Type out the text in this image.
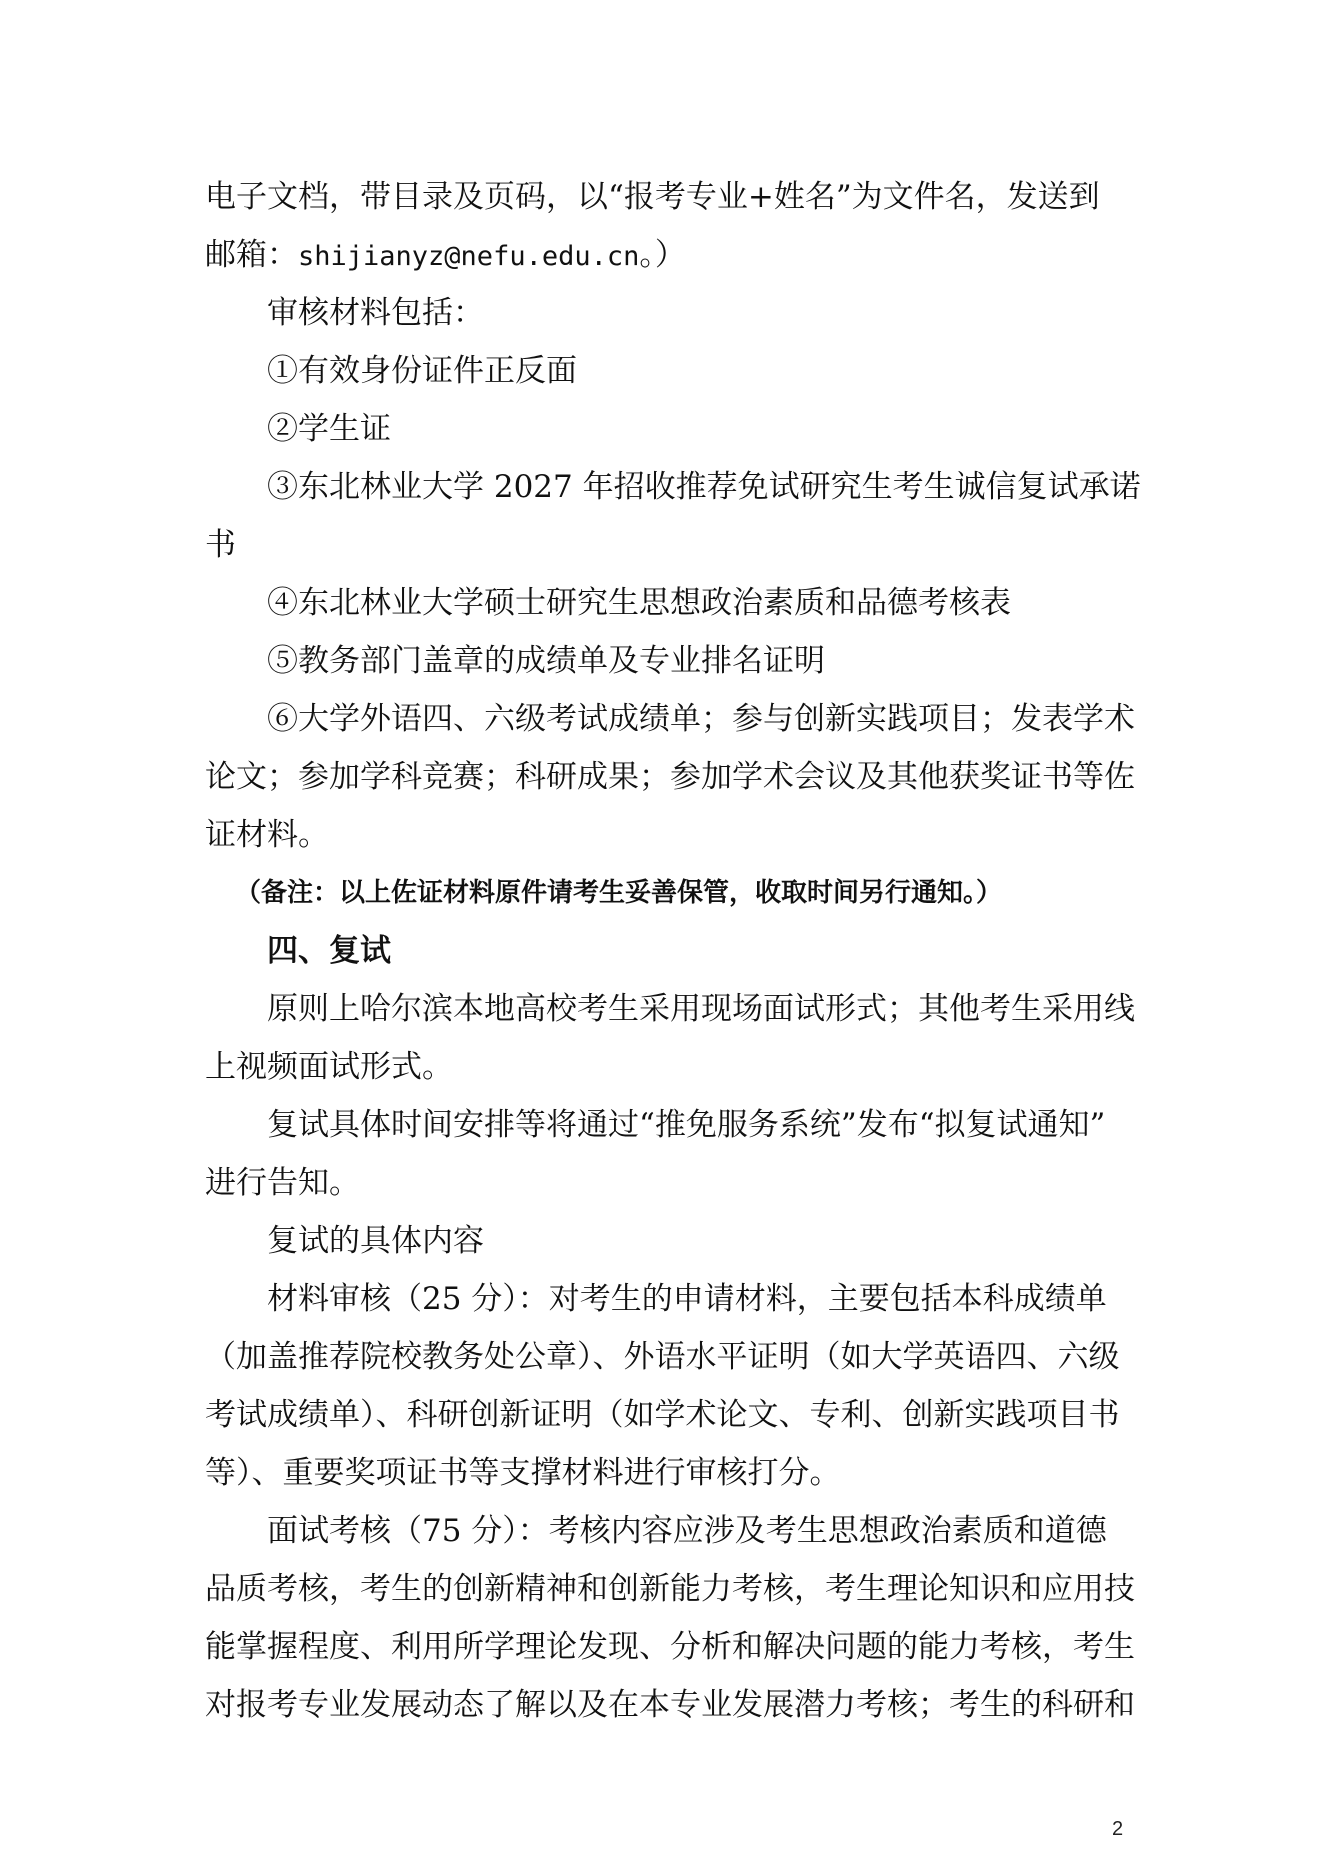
电子文档，带目录及页码，以“报考专业+姓名”为文件名，发送到

邮箱：shijianyz@nefu.edu.cn。）

审核材料包括：

①有效身份证件正反面

②学生证

③东北林业大学 2027 年招收推荐免试研究生考生诚信复试承诺

书

④东北林业大学硕士研究生思想政治素质和品德考核表

⑤教务部门盖章的成绩单及专业排名证明

⑥大学外语四、六级考试成绩单；参与创新实践项目；发表学术

论文；参加学科竞赛；科研成果；参加学术会议及其他获奖证书等佐

证材料。

（备注：以上佐证材料原件请考生妥善保管，收取时间另行通知。）

四、复试

原则上哈尔滨本地高校考生采用现场面试形式；其他考生采用线

上视频面试形式。

复试具体时间安排等将通过“推免服务系统”发布“拟复试通知”

进行告知。

复试的具体内容

材料审核（25 分）：对考生的申请材料，主要包括本科成绩单

（加盖推荐院校教务处公章）、外语水平证明（如大学英语四、六级

考试成绩单）、科研创新证明（如学术论文、专利、创新实践项目书

等）、重要奖项证书等支撑材料进行审核打分。

面试考核（75 分）：考核内容应涉及考生思想政治素质和道德

品质考核，考生的创新精神和创新能力考核，考生理论知识和应用技

能掌握程度、利用所学理论发现、分析和解决问题的能力考核，考生

对报考专业发展动态了解以及在本专业发展潜力考核；考生的科研和

2
